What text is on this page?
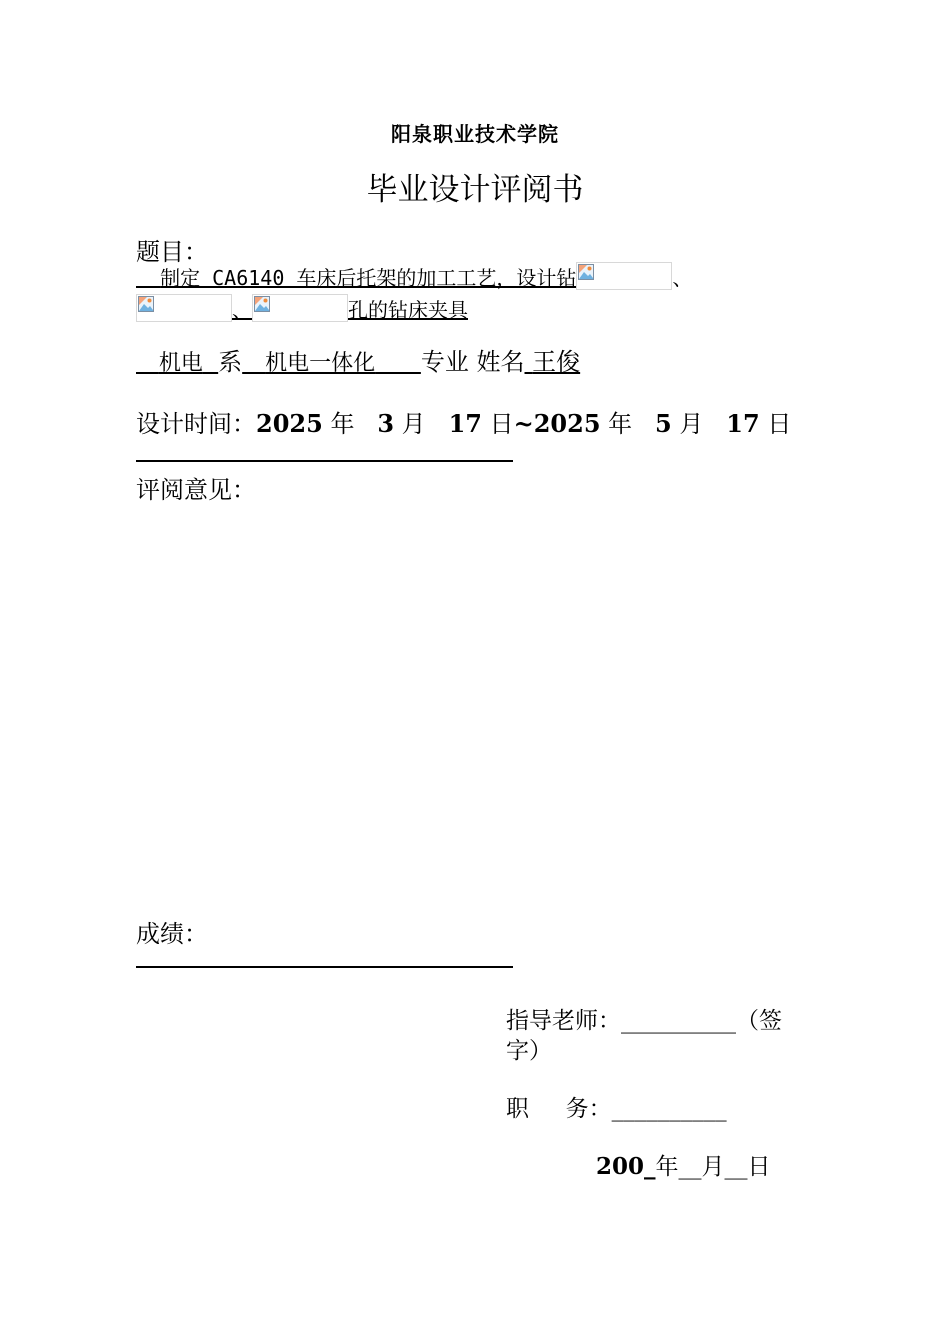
阳泉职业技术学院
毕业设计评阅书
题目：
制定 CA6140 车床后托架的加工工艺，设计钻	、
、	孔的钻床夹具
机电 系 机电一体化 专业 姓名 王俊
设计时间：2025 年 3 月 17 日~2025 年 5 月 17 日
评阅意见：
成绩：
指导老师：__________（签
字）
职 务：__________
200_年__月__日
